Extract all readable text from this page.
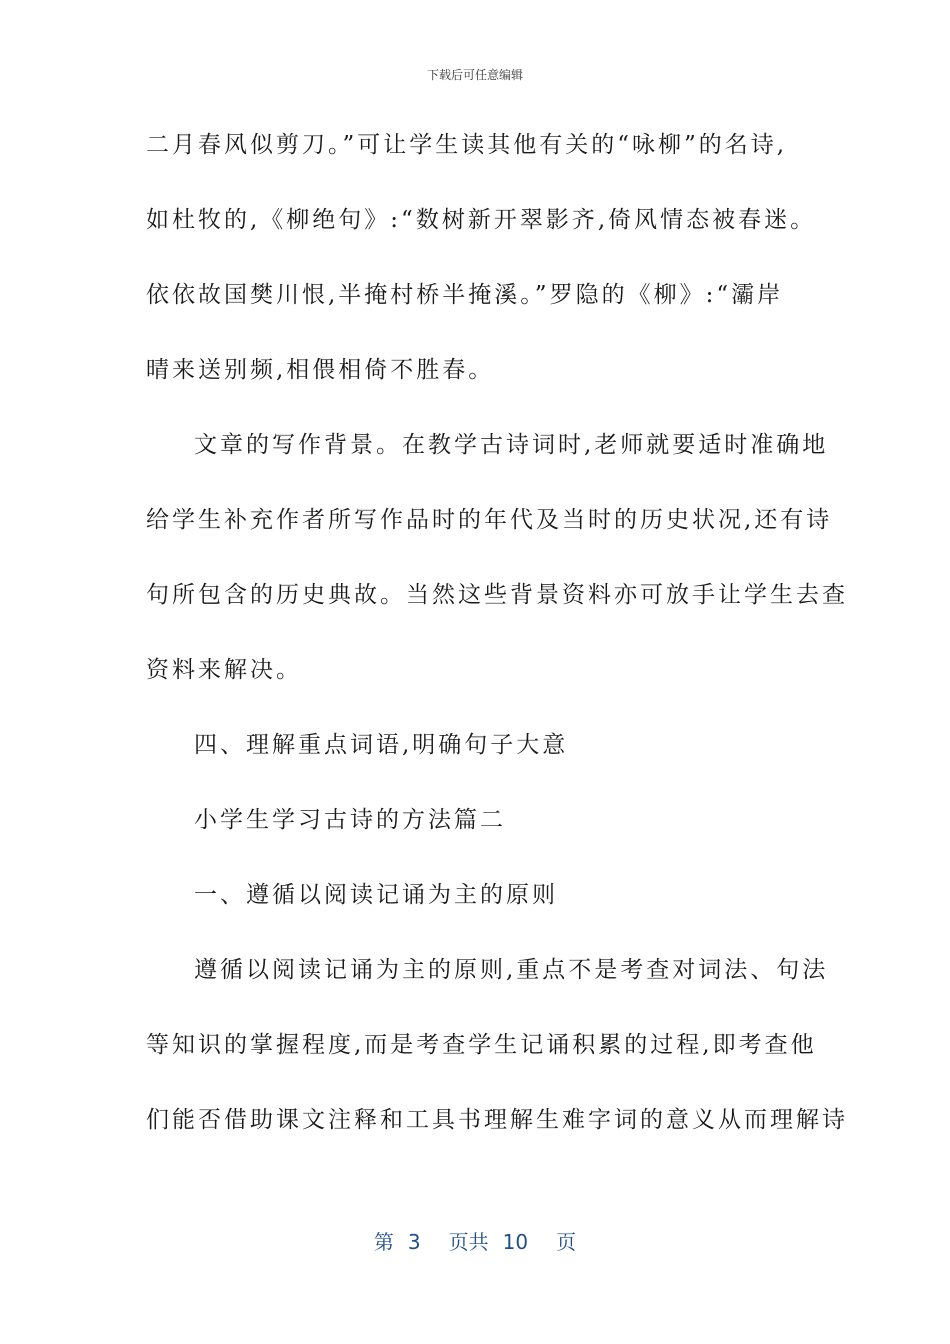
下载后可任意编辑
二月春风似剪刀。”可让学生读其他有关的“咏柳”的名诗,
如杜牧的,《柳绝句》:“数树新开翠影齐,倚风情态被春迷。
依依故国樊川恨,半掩村桥半掩溪。”罗隐的《柳》:“灞岸
晴来送别频,相偎相倚不胜春。
文章的写作背景。在教学古诗词时,老师就要适时准确地
给学生补充作者所写作品时的年代及当时的历史状况,还有诗
句所包含的历史典故。当然这些背景资料亦可放手让学生去查
资料来解决。
四、理解重点词语,明确句子大意
小学生学习古诗的方法篇二
一、遵循以阅读记诵为主的原则
遵循以阅读记诵为主的原则,重点不是考查对词法、句法
等知识的掌握程度,而是考查学生记诵积累的过程,即考查他
们能否借助课文注释和工具书理解生难字词的意义从而理解诗
第 3 页共 10 页
